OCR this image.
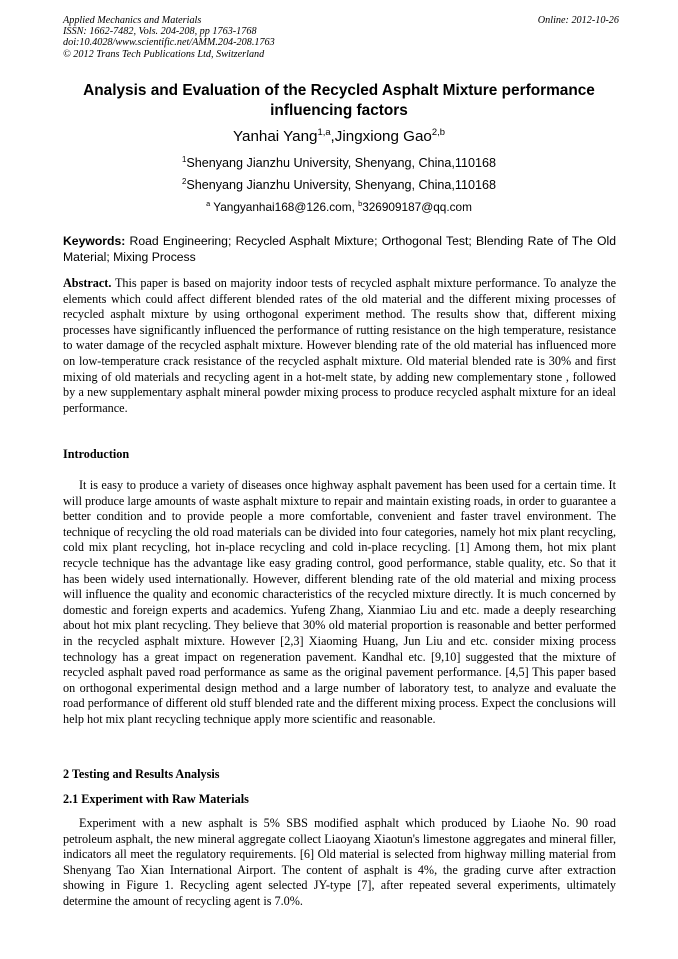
Applied Mechanics and Materials
ISSN: 1662-7482, Vols. 204-208, pp 1763-1768
doi:10.4028/www.scientific.net/AMM.204-208.1763
© 2012 Trans Tech Publications Ltd, Switzerland
Online: 2012-10-26
Analysis and Evaluation of the Recycled Asphalt Mixture performance influencing factors
Yanhai Yang$^{1,a}$,Jingxiong Gao$^{2,b}$
$^1$Shenyang Jianzhu University, Shenyang, China,110168
$^2$Shenyang Jianzhu University, Shenyang, China,110168
$^a$ Yangyanhai168@126.com, $^b$326909187@qq.com
Keywords: Road Engineering; Recycled Asphalt Mixture; Orthogonal Test; Blending Rate of The Old Material; Mixing Process

Abstract. This paper is based on majority indoor tests of recycled asphalt mixture performance. To analyze the elements which could affect different blended rates of the old material and the different mixing processes of recycled asphalt mixture by using orthogonal experiment method. The results show that, different mixing processes have significantly influenced the performance of rutting resistance on the high temperature, resistance to water damage of the recycled asphalt mixture. However blending rate of the old material has influenced more on low-temperature crack resistance of the recycled asphalt mixture. Old material blended rate is 30% and first mixing of old materials and recycling agent in a hot-melt state, by adding new complementary stone , followed by a new supplementary asphalt mineral powder mixing process to produce recycled asphalt mixture for an ideal performance.

Introduction

It is easy to produce a variety of diseases once highway asphalt pavement has been used for a certain time. It will produce large amounts of waste asphalt mixture to repair and maintain existing roads, in order to guarantee a better condition and to provide people a more comfortable, convenient and faster travel environment. The technique of recycling the old road materials can be divided into four categories, namely hot mix plant recycling, cold mix plant recycling, hot in-place recycling and cold in-place recycling. [1] Among them, hot mix plant recycle technique has the advantage like easy grading control, good performance, stable quality, etc. So that it has been widely used internationally. However, different blending rate of the old material and mixing process will influence the quality and economic characteristics of the recycled mixture directly. It is much concerned by domestic and foreign experts and academics. Yufeng Zhang, Xianmiao Liu and etc. made a deeply researching about hot mix plant recycling. They believe that 30% old material proportion is reasonable and better performed in the recycled asphalt mixture. However [2,3] Xiaoming Huang, Jun Liu and etc. consider mixing process technology has a great impact on regeneration pavement. Kandhal etc. [9,10] suggested that the mixture of recycled asphalt paved road performance as same as the original pavement performance. [4,5] This paper based on orthogonal experimental design method and a large number of laboratory test, to analyze and evaluate the road performance of different old stuff blended rate and the different mixing process. Expect the conclusions will help hot mix plant recycling technique apply more scientific and reasonable.

2 Testing and Results Analysis
2.1 Experiment with Raw Materials

Experiment with a new asphalt is 5% SBS modified asphalt which produced by Liaohe No. 90 road petroleum asphalt, the new mineral aggregate collect Liaoyang Xiaotun's limestone aggregates and mineral filler, indicators all meet the regulatory requirements. [6] Old material is selected from highway milling material from Shenyang Tao Xian International Airport. The content of asphalt is 4%, the grading curve after extraction showing in Figure 1. Recycling agent selected JY-type [7], after repeated several experiments, ultimately determine the amount of recycling agent is 7.0%.
